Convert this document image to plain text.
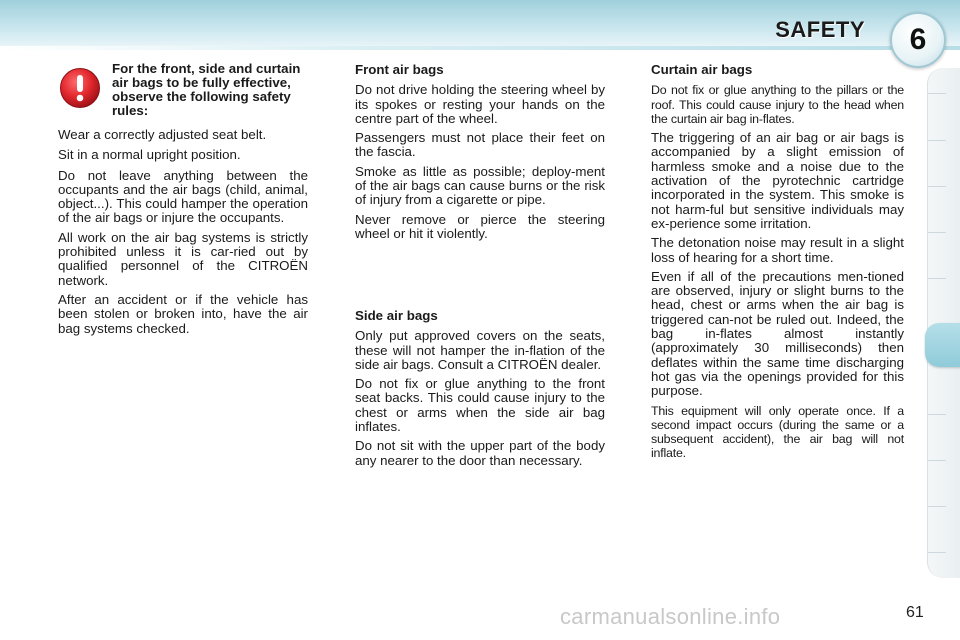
SAFETY 6
For the front, side and curtain air bags to be fully effective, observe the following safety rules:

Wear a correctly adjusted seat belt.

Sit in a normal upright position.

Do not leave anything between the occupants and the air bags (child, animal, object...). This could hamper the operation of the air bags or injure the occupants.

All work on the air bag systems is strictly prohibited unless it is car-ried out by qualified personnel of the CITROËN network.

After an accident or if the vehicle has been stolen or broken into, have the air bag systems checked.

Front air bags

Do not drive holding the steering wheel by its spokes or resting your hands on the centre part of the wheel.

Passengers must not place their feet on the fascia.

Smoke as little as possible; deploy-ment of the air bags can cause burns or the risk of injury from a cigarette or pipe.

Never remove or pierce the steering wheel or hit it violently.

Side air bags

Only put approved covers on the seats, these will not hamper the in-flation of the side air bags. Consult a CITROËN dealer.

Do not fix or glue anything to the front seat backs. This could cause injury to the chest or arms when the side air bag inflates.

Do not sit with the upper part of the body any nearer to the door than necessary.

Curtain air bags

Do not fix or glue anything to the pillars or the roof. This could cause injury to the head when the curtain air bag in-flates.

The triggering of an air bag or air bags is accompanied by a slight emission of harmless smoke and a noise due to the activation of the pyrotechnic cartridge incorporated in the system. This smoke is not harm-ful but sensitive individuals may ex-perience some irritation.

The detonation noise may result in a slight loss of hearing for a short time.

Even if all of the precautions men-tioned are observed, injury or slight burns to the head, chest or arms when the air bag is triggered can-not be ruled out. Indeed, the bag in-flates almost instantly (approximately 30 milliseconds) then deflates within the same time discharging hot gas via the openings provided for this purpose.

This equipment will only operate once. If a second impact occurs (during the same or a subsequent accident), the air bag will not inflate.

carmanualsonline.info	61
